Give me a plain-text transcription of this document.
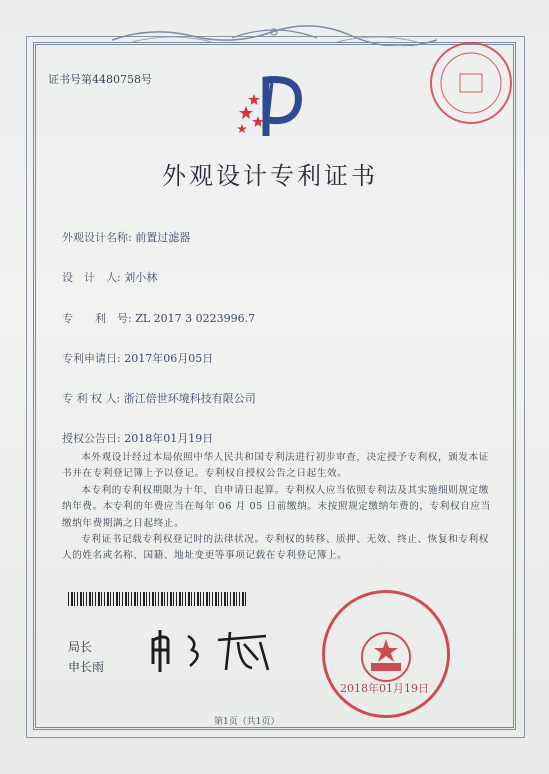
证书号第4480758号
外观设计专利证书
外观设计名称: 前置过滤器
设　计　人: 刘小林
专　　利　号: ZL 2017 3 0223996.7
专利申请日: 2017年06月05日
专 利 权 人: 浙江倍世环境科技有限公司
授权公告日: 2018年01月19日
本外观设计经过本局依照中华人民共和国专利法进行初步审查，决定授予专利权，颁发本证书并在专利登记簿上予以登记。专利权自授权公告之日起生效。
本专利的专利权期限为十年，自申请日起算。专利权人应当依照专利法及其实施细则规定缴纳年费。本专利的年费应当在每年 06 月 05 日前缴纳。未按照规定缴纳年费的，专利权自应当缴纳年费期满之日起终止。
专利证书记载专利权登记时的法律状况。专利权的转移、质押、无效、终止、恢复和专利权人的姓名或名称、国籍、地址变更等事项记载在专利登记簿上。
局长
申长雨
2018年01月19日
第1页（共1页）
